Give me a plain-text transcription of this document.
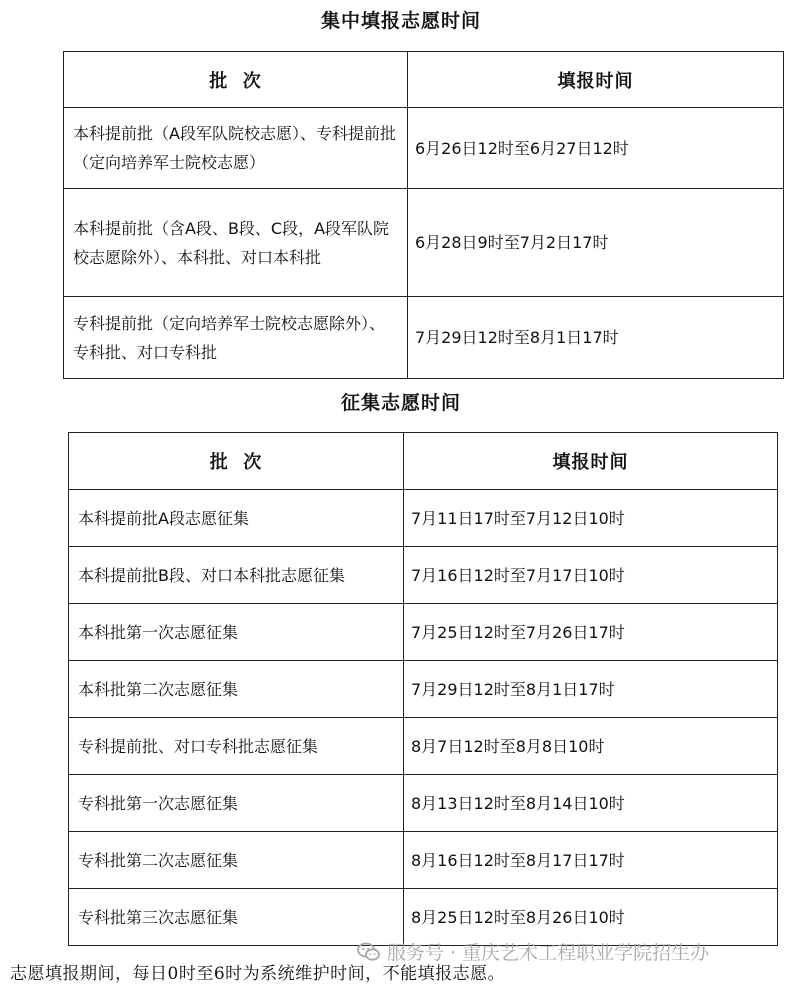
集中填报志愿时间
批  次	填报时间
本科提前批（A段军队院校志愿）、专科提前批（定向培养军士院校志愿）	6月26日12时至6月27日12时
本科提前批（含A段、B段、C段，A段军队院校志愿除外）、本科批、对口本科批	6月28日9时至7月2日17时
专科提前批（定向培养军士院校志愿除外）、专科批、对口专科批	7月29日12时至8月1日17时
征集志愿时间
批  次	填报时间
本科提前批A段志愿征集	7月11日17时至7月12日10时
本科提前批B段、对口本科批志愿征集	7月16日12时至7月17日10时
本科批第一次志愿征集	7月25日12时至7月26日17时
本科批第二次志愿征集	7月29日12时至8月1日17时
专科提前批、对口专科批志愿征集	8月7日12时至8月8日10时
专科批第一次志愿征集	8月13日12时至8月14日10时
专科批第二次志愿征集	8月16日12时至8月17日17时
专科批第三次志愿征集	8月25日12时至8月26日10时
服务号 · 重庆艺术工程职业学院招生办
志愿填报期间，每日0时至6时为系统维护时间，不能填报志愿。
